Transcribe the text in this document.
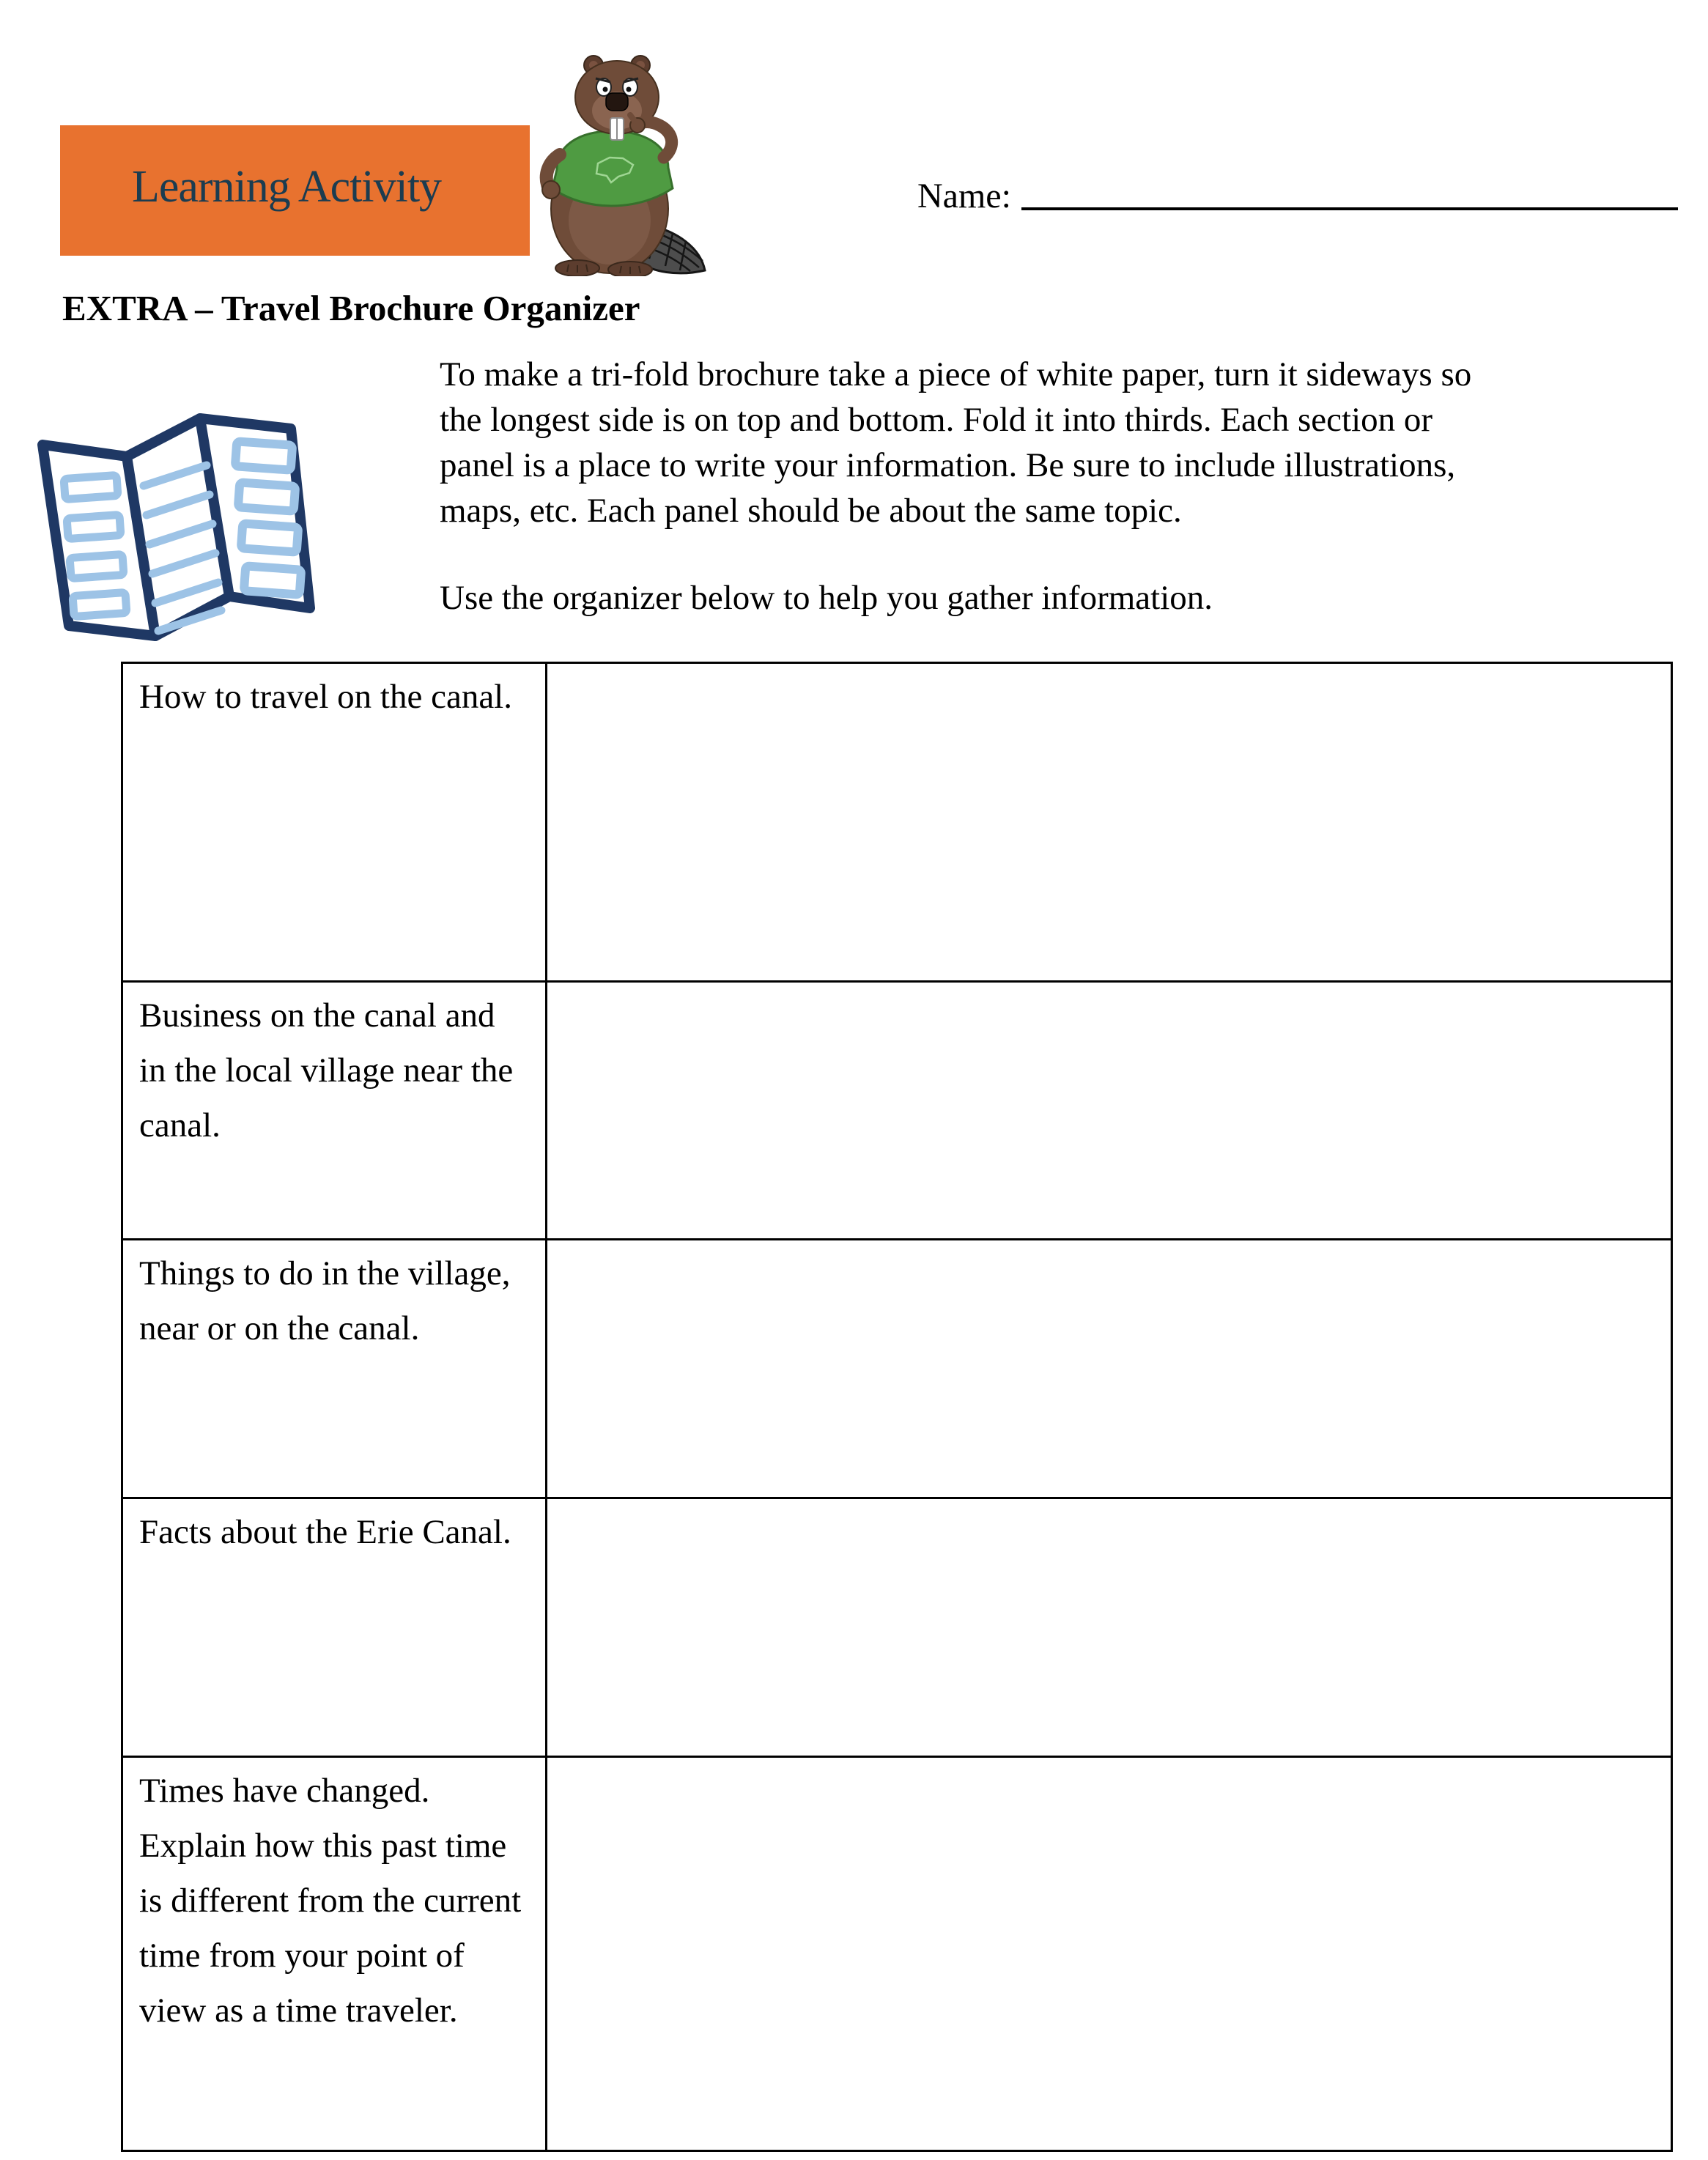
Learning Activity	Name:
EXTRA – Travel Brochure Organizer
To make a tri-fold brochure take a piece of white paper, turn it sideways so
the longest side is on top and bottom. Fold it into thirds. Each section or
panel is a place to write your information. Be sure to include illustrations,
maps, etc. Each panel should be about the same topic.
Use the organizer below to help you gather information.
How to travel on the canal.	
Business on the canal and in the local village near the canal.	
Things to do in the village, near or on the canal.	
Facts about the Erie Canal.	
Times have changed. Explain how this past time is different from the current time from your point of view as a time traveler.	
